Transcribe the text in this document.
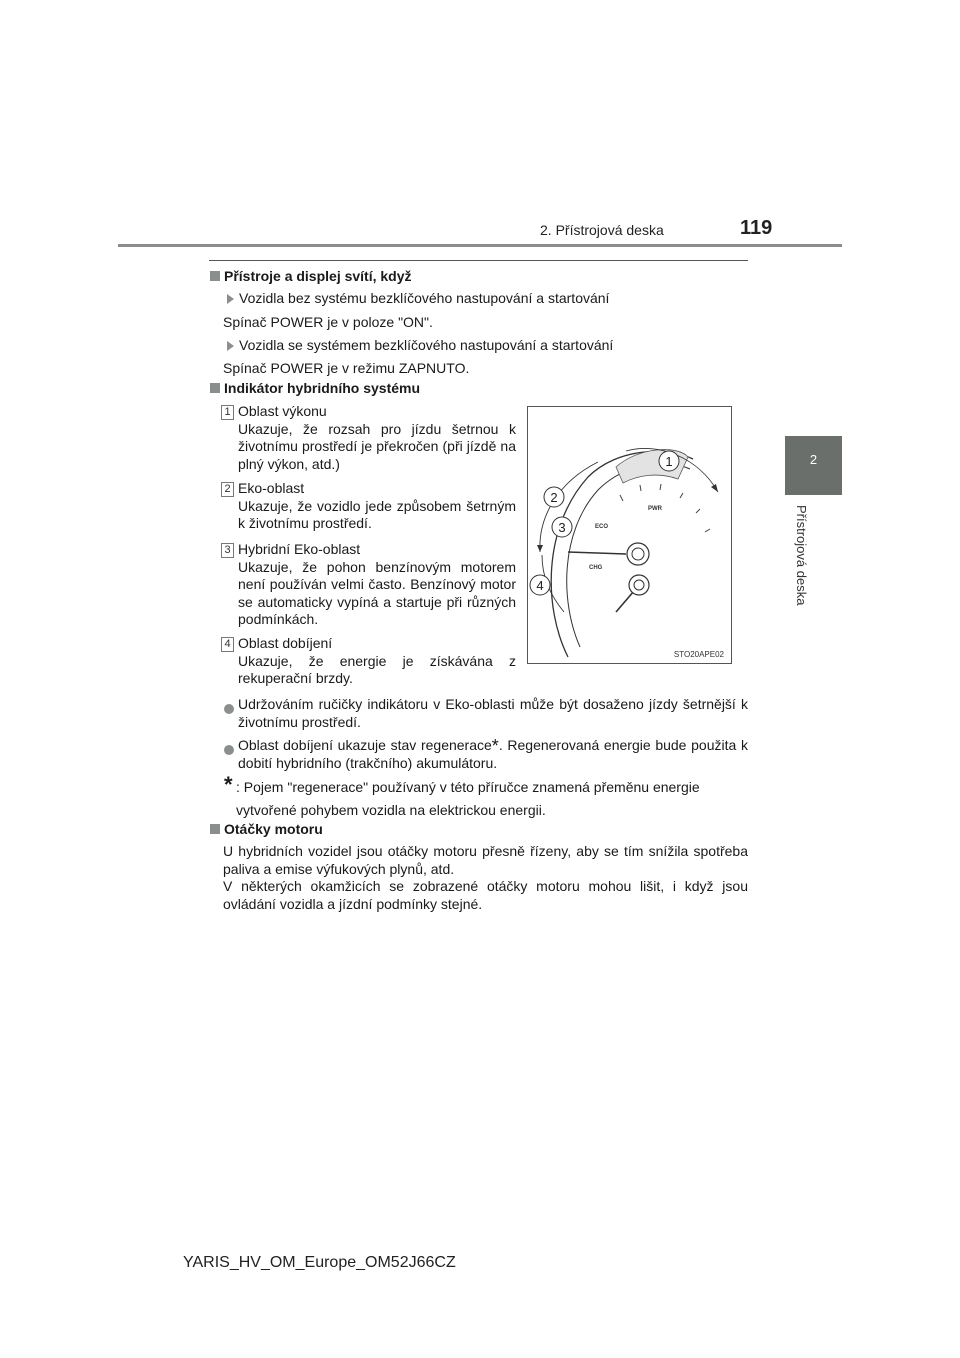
2. Přístrojová deska	119
2
Přístrojová deska
Přístroje a displej svítí, když
Vozidla bez systému bezklíčového nastupování a startování
Spínač POWER je v poloze "ON".
Vozidla se systémem bezklíčového nastupování a startování
Spínač POWER je v režimu ZAPNUTO.
Indikátor hybridního systému
1 Oblast výkonu
Ukazuje, že rozsah pro jízdu šetrnou k životnímu prostředí je překročen (při jízdě na plný výkon, atd.)
2 Eko-oblast
Ukazuje, že vozidlo jede způsobem šetrným k životnímu prostředí.
3 Hybridní Eko-oblast
Ukazuje, že pohon benzínovým motorem není používán velmi často. Benzínový motor se automaticky vypíná a startuje při různých podmínkách.
4 Oblast dobíjení
Ukazuje, že energie je získávána z rekuperační brzdy.
PWR
ECO
CHG
1
2
3
4
STO20APE02
Udržováním ručičky indikátoru v Eko-oblasti může být dosaženo jízdy šetrnější k životnímu prostředí.
Oblast dobíjení ukazuje stav regenerace*. Regenerovaná energie bude použita k dobití hybridního (trakčního) akumulátoru.
* : Pojem "regenerace" používaný v této příručce znamená přeměnu energie vytvořené pohybem vozidla na elektrickou energii.
Otáčky motoru
U hybridních vozidel jsou otáčky motoru přesně řízeny, aby se tím snížila spotřeba paliva a emise výfukových plynů, atd.
V některých okamžicích se zobrazené otáčky motoru mohou lišit, i když jsou ovládání vozidla a jízdní podmínky stejné.
YARIS_HV_OM_Europe_OM52J66CZ
